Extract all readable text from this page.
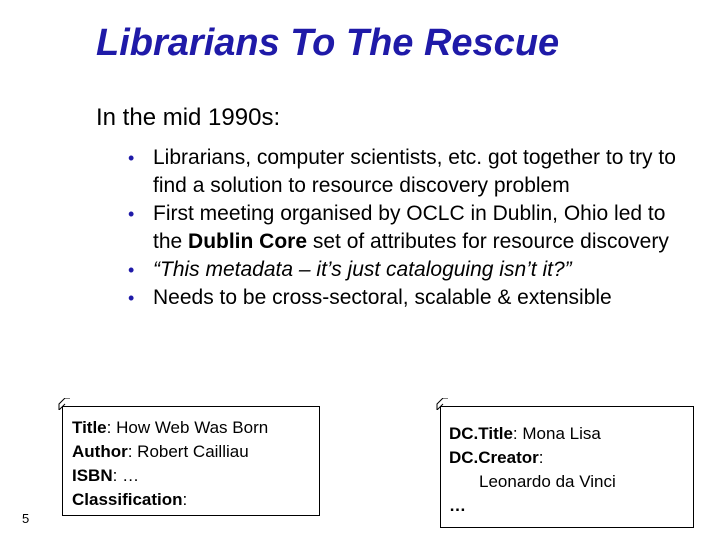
Librarians To The Rescue
In the mid 1990s:
• Librarians, computer scientists, etc. got together to try to find a solution to resource discovery problem
• First meeting organised by OCLC in Dublin, Ohio led to the Dublin Core set of attributes for resource discovery
• “This metadata – it’s just cataloguing isn’t it?”
• Needs to be cross-sectoral, scalable & extensible
Title: How Web Was Born
Author: Robert Cailliau
ISBN: …
Classification:
DC.Title: Mona Lisa
DC.Creator:
Leonardo da Vinci
…
5
